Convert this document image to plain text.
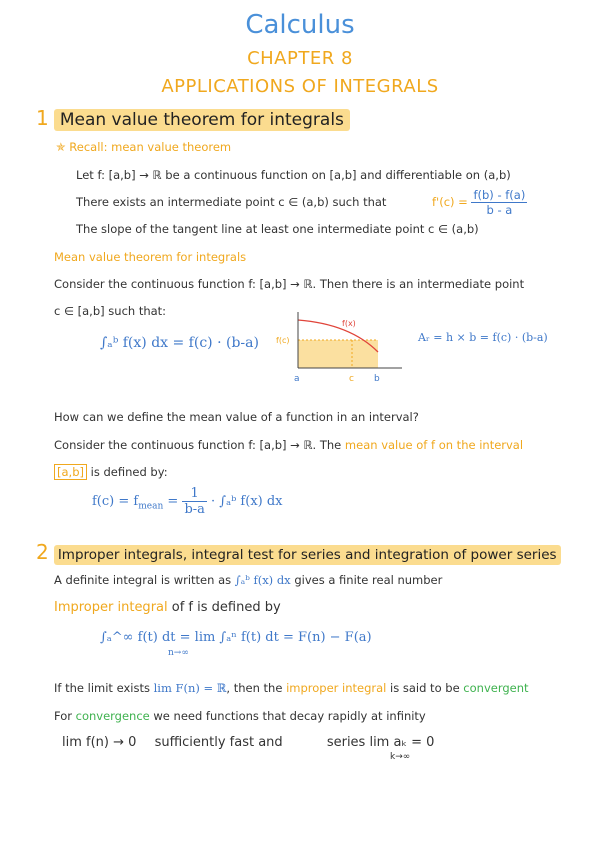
Calculus
CHAPTER 8
APPLICATIONS OF INTEGRALS
1 Mean value theorem for integrals
✯ Recall: mean value theorem
Let f: [a,b] → ℝ be a continuous function on [a,b] and differentiable on (a,b)
There exists an intermediate point c ∈ (a,b) such that	$f'(c) = \frac{f(b) - f(a)}{b - a}$
The slope of the tangent line at least one intermediate point c ∈ (a,b)
Mean value theorem for integrals
Consider the continuous function f: [a,b] → ℝ. Then there is an intermediate point
c ∈ [a,b] such that:
∫ₐᵇ f(x) dx = f(c) · (b-a)
f(x)
f(c)
a	c b
Aᵣ = h × b = f(c) · (b-a)
How can we define the mean value of a function in an interval?
Consider the continuous function f: [a,b] → ℝ. The mean value of f on the interval
[a,b] is defined by:
$f(c) = f_{mean} = \frac{1}{b-a}$ · ∫ₐᵇ f(x) dx
2 Improper integrals, integral test for series and integration of power series
A definite integral is written as ∫ₐᵇ f(x) dx gives a finite real number
Improper integral of f is defined by
∫ₐ^∞ f(t) dt = lim ∫ₐⁿ f(t) dt = F(n) − F(a)
n→∞
If the limit exists lim F(n) = ℝ, then the improper integral is said to be convergent
For convergence we need functions that decay rapidly at infinity
lim f(n) → 0 sufficiently fast and	series lim aₖ = 0
k→∞
